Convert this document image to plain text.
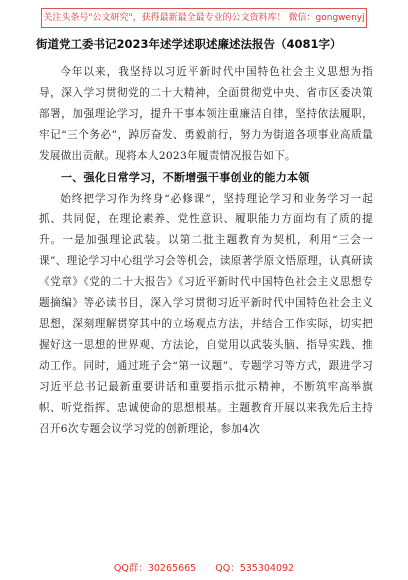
关注头条号"公文研究"，获得最新最全最专业的公文资料库！ 微信：gongwenyj
街道党工委书记2023年述学述职述廉述法报告（4081字）

今年以来，我坚持以习近平新时代中国特色社会主义思想为指导，深入学习贯彻党的二十大精神，全面贯彻党中央、省市区委决策部署，加强理论学习，提升干事本领注重廉洁自律，坚持依法履职，牢记“三个务必”，踔厉奋发、勇毅前行，努力为街道各项事业高质量发展做出贡献。现将本人2023年履责情况报告如下。

一、强化日常学习，不断增强干事创业的能力本领

始终把学习作为终身“必修课”，坚持理论学习和业务学习一起抓、共同促，在理论素养、党性意识、履职能力方面均有了质的提升。一是加强理论武装。以第二批主题教育为契机，利用“三会一课”、理论学习中心组学习会等机会，读原著学原文悟原理，认真研读《党章》《党的二十大报告》《习近平新时代中国特色社会主义思想专题摘编》等必读书目，深入学习贯彻习近平新时代中国特色社会主义思想，深刻理解贯穿其中的立场观点方法，并结合工作实际，切实把握好这一思想的世界观、方法论，自觉用以武装头脑、指导实践、推动工作。同时，通过班子会“第一议题”、专题学习等方式，跟进学习习近平总书记最新重要讲话和重要指示批示精神，不断筑牢高举旗帜、听党指挥、忠诚使命的思想根基。主题教育开展以来我先后主持召开6次专题会议学习党的创新理论，参加4次

QQ群：30265665 QQ：535304092
